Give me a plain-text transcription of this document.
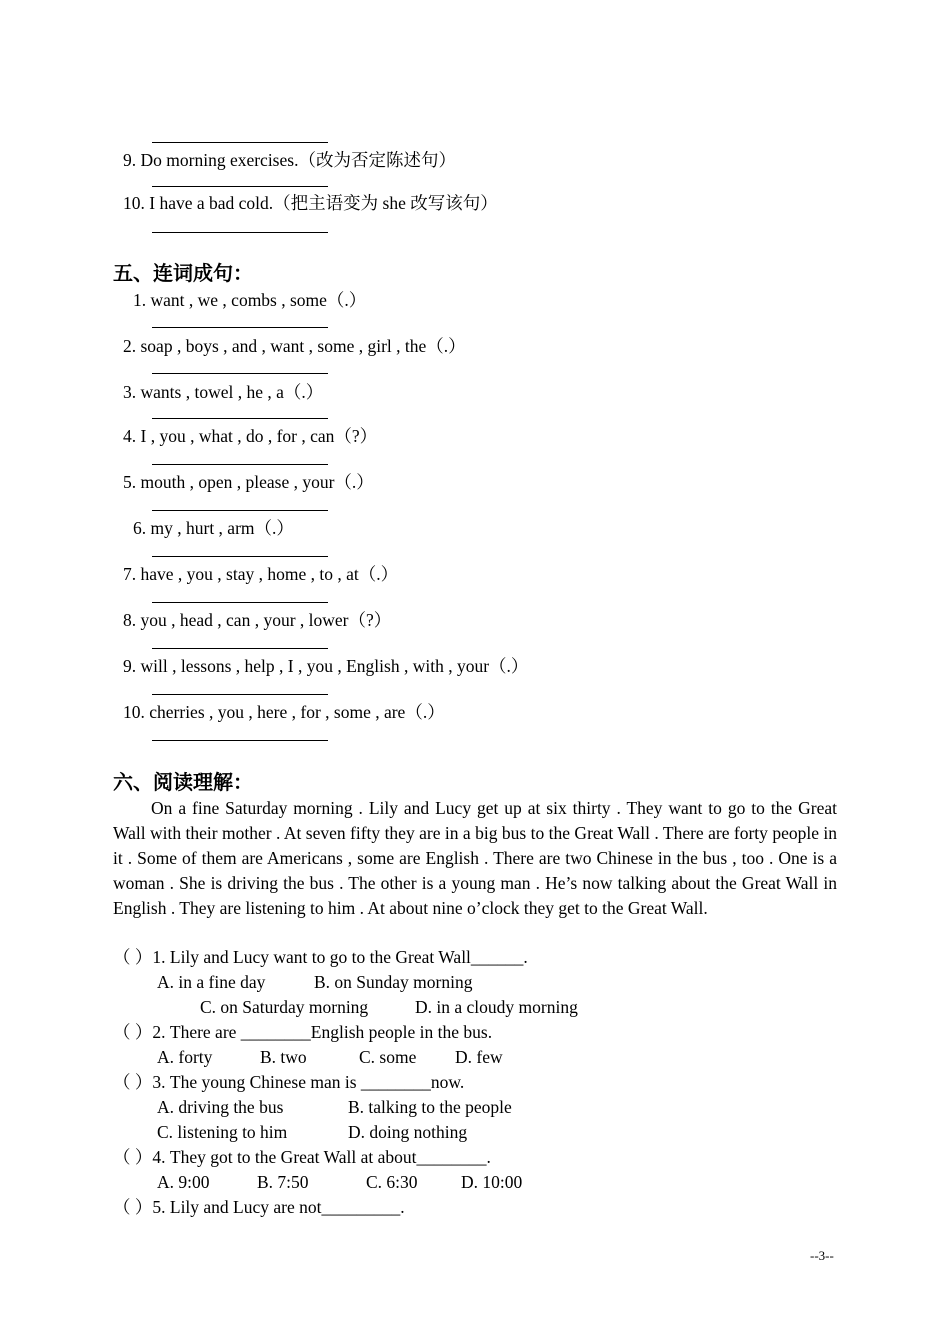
9. Do morning exercises.（改为否定陈述句）
10. I have a bad cold.（把主语变为 she 改写该句）
五、连词成句：
1. want , we , combs , some（.）
2. soap , boys , and , want , some , girl , the（.）
3. wants , towel , he , a（.）
4. I , you , what , do , for , can（?）
5. mouth , open , please , your（.）
6. my , hurt , arm（.）
7. have , you , stay , home , to , at（.）
8. you , head , can , your , lower（?）
9. will , lessons , help , I , you , English , with , your（.）
10. cherries , you , here , for , some , are（.）
六、阅读理解：
On a fine Saturday morning . Lily and Lucy get up at six thirty . They want to go to the Great Wall with their mother . At seven fifty they are in a big bus to the Great Wall . There are forty people in it . Some of them are Americans , some are English . There are two Chinese in the bus , too . One is a woman . She is driving the bus . The other is a young man . He’s now talking about the Great Wall in English . They are listening to him . At about nine o’clock they get to the Great Wall.
（ ）1. Lily and Lucy want to go to the Great Wall______.
A. in a fine day	B. on Sunday morning
C. on Saturday morning	D. in a cloudy morning
（ ）2. There are ________English people in the bus.
A. forty	B. two	C. some D. few
（ ）3. The young Chinese man is ________now.
A. driving the bus	B. talking to the people
C. listening to him	D. doing nothing
（ ）4. They got to the Great Wall at about________.
A. 9:00	B. 7:50	C. 6:30 D. 10:00
（ ）5. Lily and Lucy are not_________.
--3--
